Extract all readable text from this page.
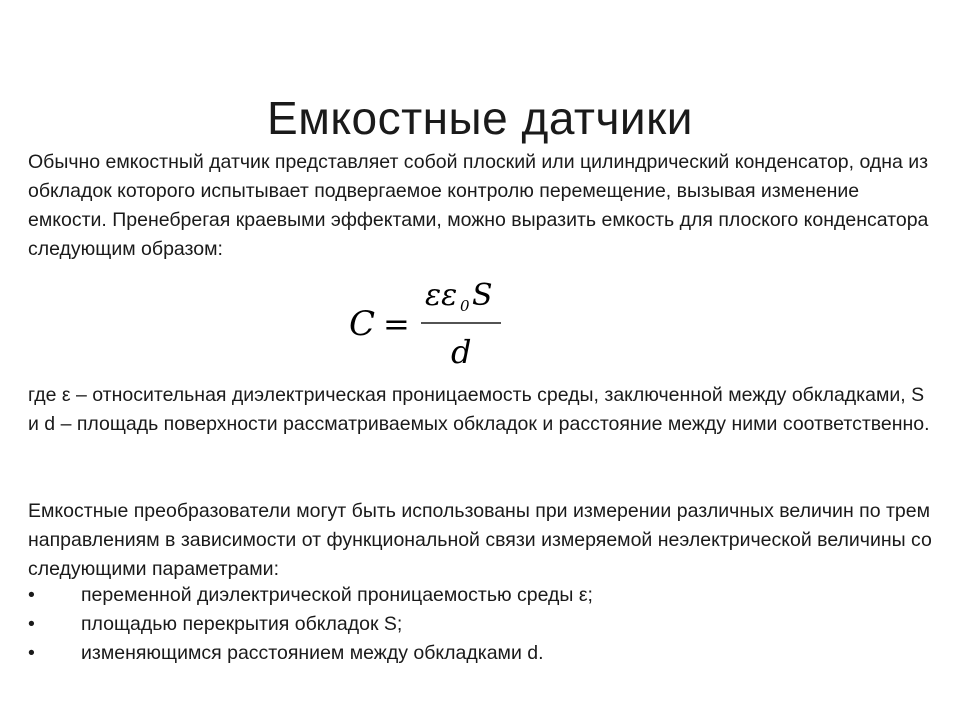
Емкостные датчики

Обычно емкостный датчик представляет собой плоский или цилиндрический конденсатор, одна из обкладок которого испытывает подвергаемое контролю перемещение, вызывая изменение емкости. Пренебрегая краевыми эффектами, можно выразить емкость для плоского конденсатора следующим образом:

C =
εε 0 S
d

где ε – относительная диэлектрическая проницаемость среды, заключенной между обкладками, S и d – площадь поверхности рассматриваемых обкладок и расстояние между ними соответственно.

Емкостные преобразователи могут быть использованы при измерении различных величин по трем направлениям в зависимости от функциональной связи измеряемой неэлектрической величины со следующими параметрами:

•	переменной диэлектрической проницаемостью среды ε;
•	площадью перекрытия обкладок S;
•	изменяющимся расстоянием между обкладками d.
